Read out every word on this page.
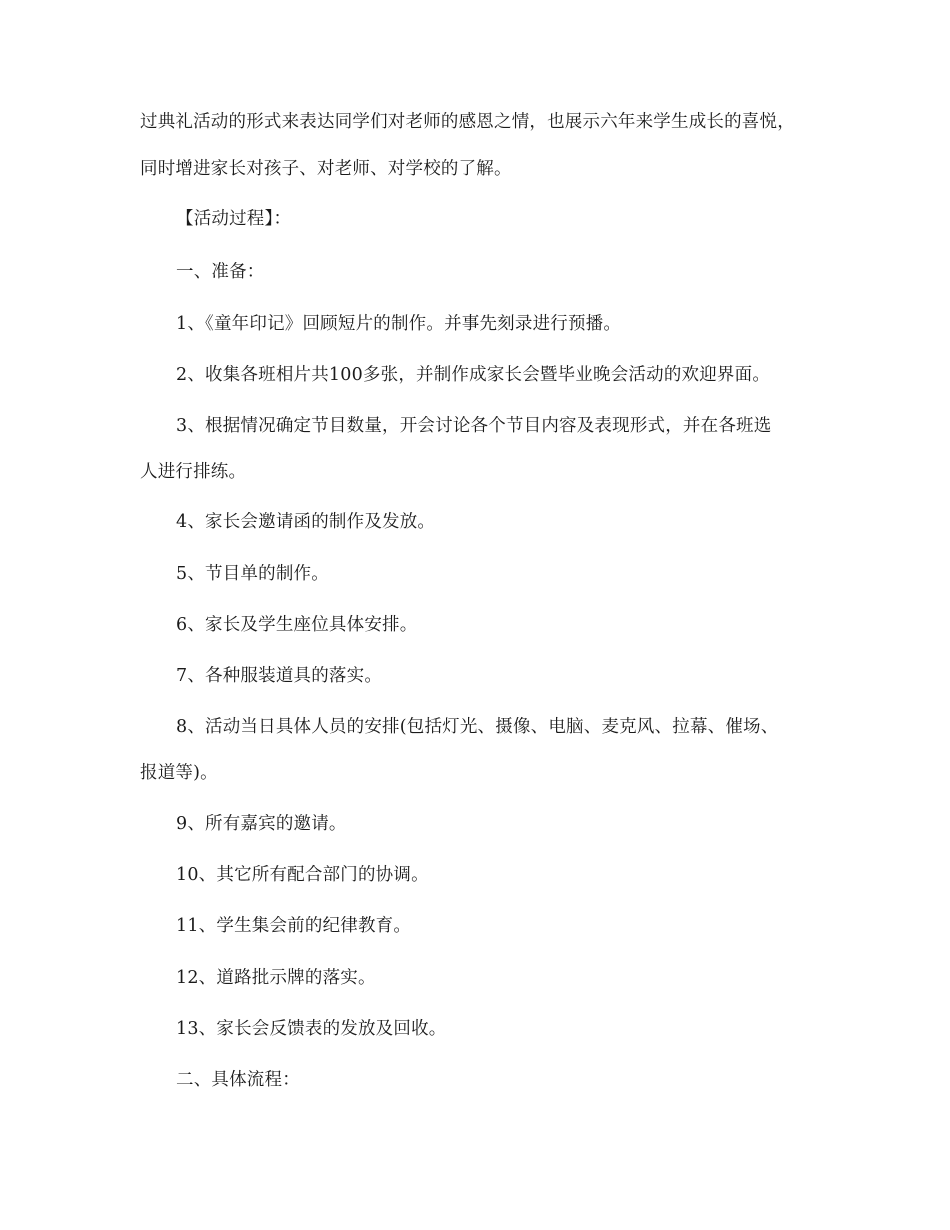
过典礼活动的形式来表达同学们对老师的感恩之情，也展示六年来学生成长的喜悦，

同时增进家长对孩子、对老师、对学校的了解。

【活动过程】：

一、准备：

1、《童年印记》回顾短片的制作。并事先刻录进行预播。

2、收集各班相片共100多张，并制作成家长会暨毕业晚会活动的欢迎界面。

3、根据情况确定节目数量，开会讨论各个节目内容及表现形式，并在各班选

人进行排练。

4、家长会邀请函的制作及发放。

5、节目单的制作。

6、家长及学生座位具体安排。

7、各种服装道具的落实。

8、活动当日具体人员的安排(包括灯光、摄像、电脑、麦克风、拉幕、催场、

报道等)。

9、所有嘉宾的邀请。

10、其它所有配合部门的协调。

11、学生集会前的纪律教育。

12、道路批示牌的落实。

13、家长会反馈表的发放及回收。

二、具体流程：
